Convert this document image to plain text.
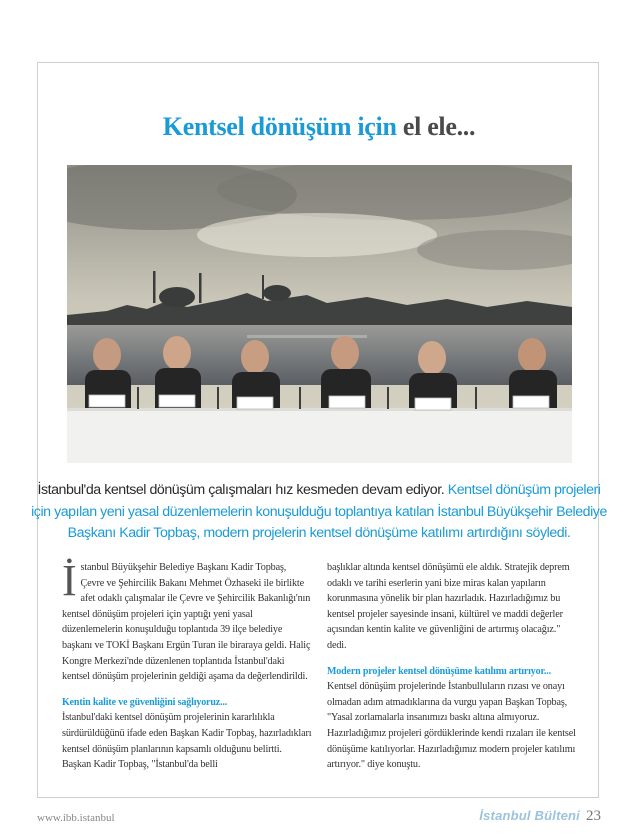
Kentsel dönüşüm için el ele...
İstanbul'da kentsel dönüşüm çalışmaları hız kesmeden devam ediyor. Kentsel dönüşüm projeleri için yapılan yeni yasal düzenlemelerin konuşulduğu toplantıya katılan İstanbul Büyükşehir Belediye Başkanı Kadir Topbaş, modern projelerin kentsel dönüşüme katılımı artırdığını söyledi.

İstanbul Büyükşehir Belediye Başkanı Kadir Topbaş, Çevre ve Şehircilik Bakanı Mehmet Özhaseki ile birlikte afet odaklı çalışmalar ile Çevre ve Şehircilik Bakanlığı'nın kentsel dönüşüm projeleri için yaptığı yeni yasal düzenlemelerin konuşulduğu toplantıda 39 ilçe belediye başkanı ve TOKİ Başkanı Ergün Turan ile biraraya geldi. Haliç Kongre Merkezi'nde düzenlenen toplantıda İstanbul'daki kentsel dönüşüm projelerinin geldiği aşama da değerlendirildi.

Kentin kalite ve güvenliğini sağlıyoruz...

İstanbul'daki kentsel dönüşüm projelerinin kararlılıkla sürdürüldüğünü ifade eden Başkan Kadir Topbaş, hazırladıkları kentsel dönüşüm planlarının kapsamlı olduğunu belirtti. Başkan Kadir Topbaş, "İstanbul'da belli

başlıklar altında kentsel dönüşümü ele aldık. Stratejik deprem odaklı ve tarihi eserlerin yani bize miras kalan yapıların korunmasına yönelik bir plan hazırladık. Hazırladığımız bu kentsel projeler sayesinde insani, kültürel ve maddi değerler açısından kentin kalite ve güvenliğini de artırmış olacağız." dedi.

Modern projeler kentsel dönüşüme katılımı artırıyor...

Kentsel dönüşüm projelerinde İstanbulluların rızası ve onayı olmadan adım atmadıklarına da vurgu yapan Başkan Topbaş, "Yasal zorlamalarla insanımızı baskı altına almıyoruz. Hazırladığımız projeleri gördüklerinde kendi rızaları ile kentsel dönüşüme katılıyorlar. Hazırladığımız modern projeler katılımı artırıyor." diye konuştu.

www.ibb.istanbul	İstanbul Bülteni 23
